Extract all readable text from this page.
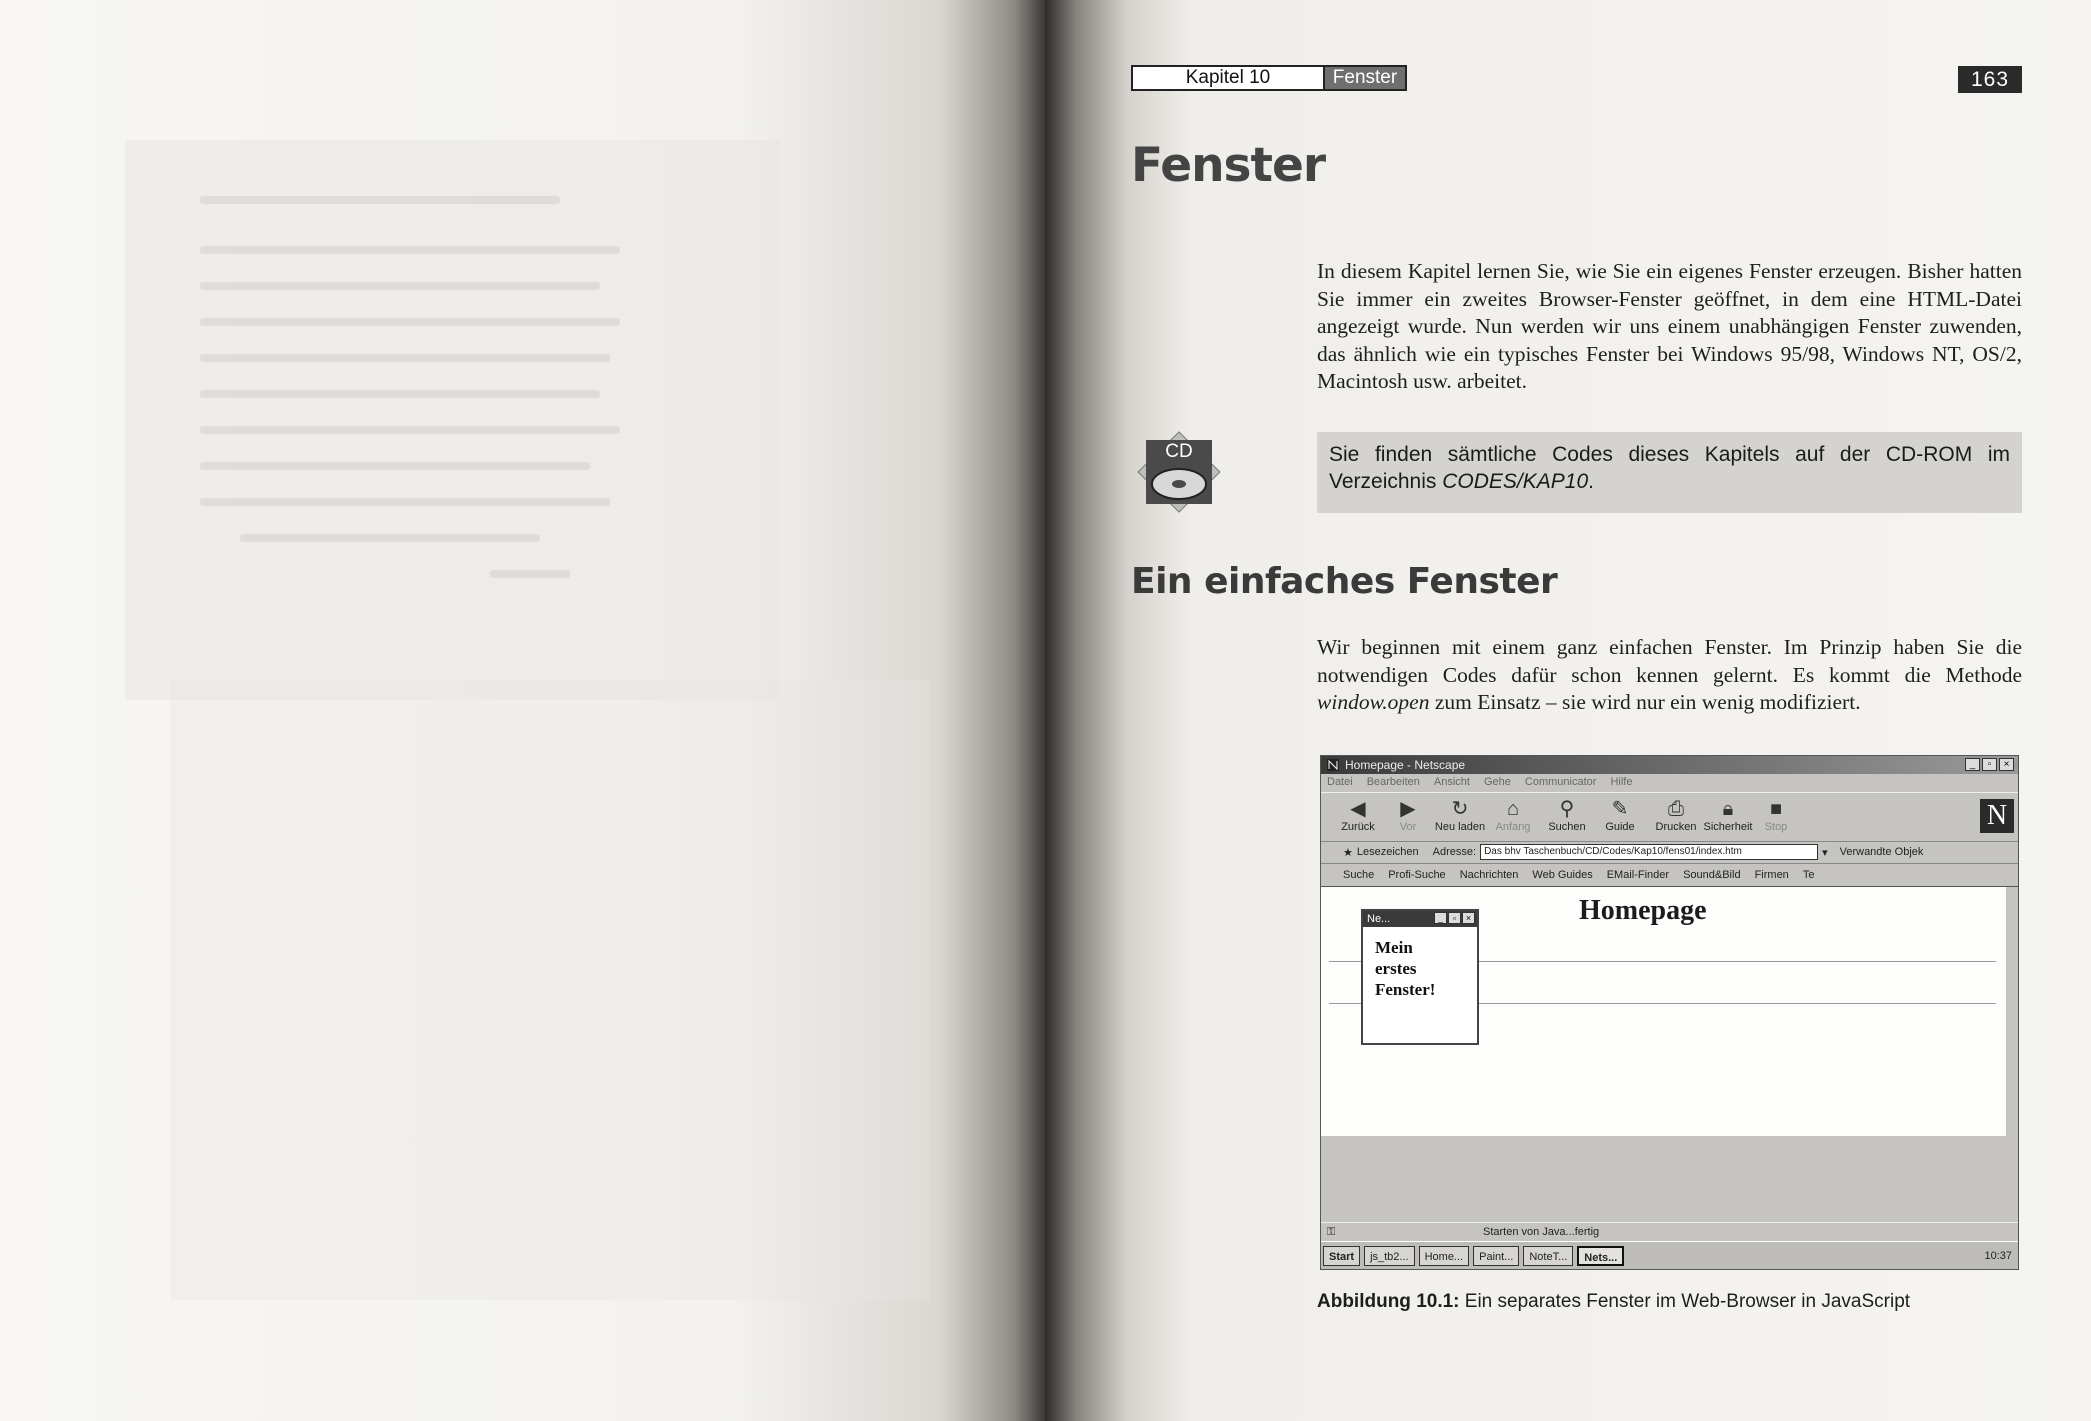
Kapitel 10	Fenster	163
Fenster

In diesem Kapitel lernen Sie, wie Sie ein eigenes Fenster erzeugen. Bisher hatten Sie immer ein zweites Browser-Fenster geöffnet, in dem eine HTML-Datei angezeigt wurde. Nun werden wir uns einem unabhängigen Fenster zuwenden, das ähnlich wie ein typisches Fenster bei Windows 95/98, Windows NT, OS/2, Macintosh usw. arbeitet.

CD	Sie finden sämtliche Codes dieses Kapitels auf der CD-ROM im Verzeichnis CODES/KAP10.
Ein einfaches Fenster

Wir beginnen mit einem ganz einfachen Fenster. Im Prinzip haben Sie die notwendigen Codes dafür schon kennen gelernt. Es kommt die Methode window.open zum Einsatz – sie wird nur ein wenig modifiziert.

Homepage - Netscape	_	▫	×
Datei Bearbeiten Ansicht Gehe Communicator Hilfe
◀
Zurück
▶
Vor
↻
Neu laden
⌂
Anfang
⚲
Suchen
✎
Guide
⎙
Drucken
🔒︎
Sicherheit
■
Stop	N
★ Lesezeichen Adresse: Das bhv Taschenbuch/CD/Codes/Kap10/fens01/index.htm	▾ Verwandte Objek
Suche Profi-Suche Nachrichten Web Guides EMail-Finder Sound&Bild Firmen Te
Homepage
Ne...	_	▫	×
Mein
erstes
Fenster!
⚿	Starten von Java...fertig
Start	js_tb2...	Home...	Paint...	NoteT...	Nets...	10:37
Abbildung 10.1: Ein separates Fenster im Web-Browser in JavaScript
